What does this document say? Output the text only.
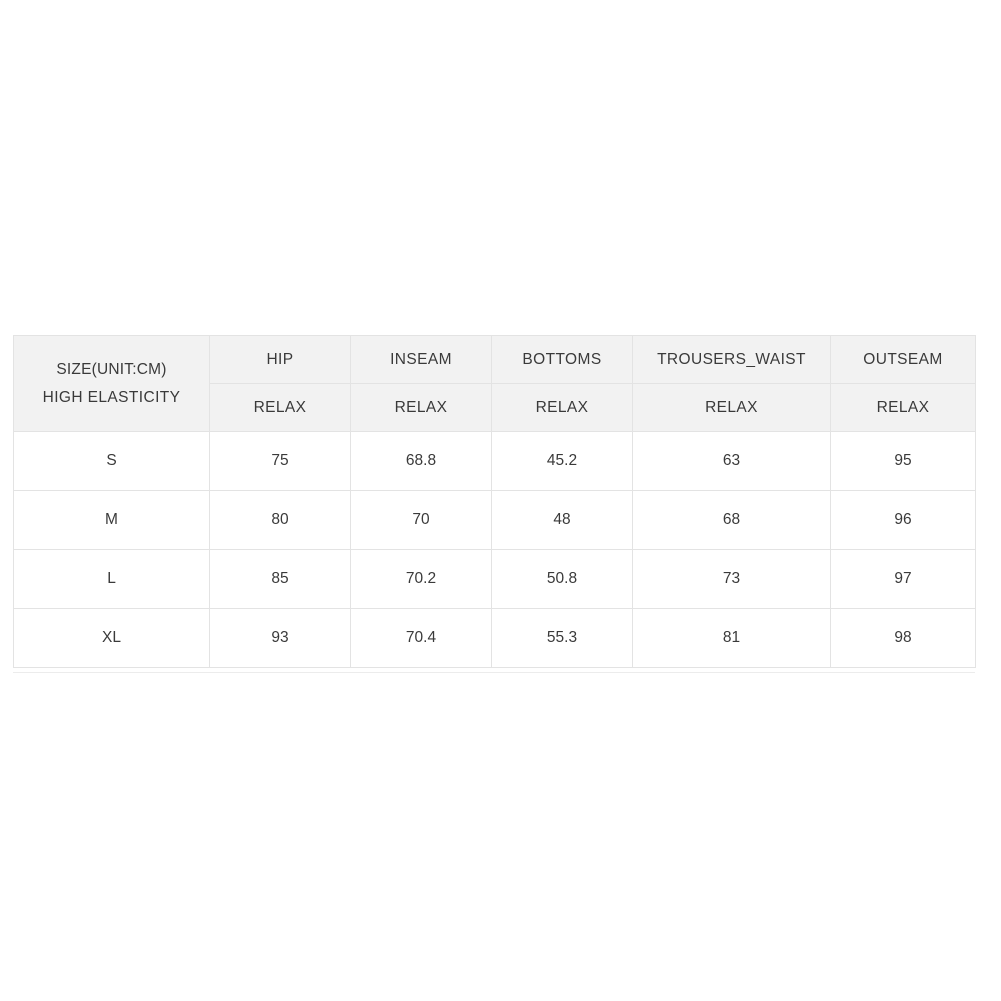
SIZE(UNIT:CM)
HIGH ELASTICITY	HIP	INSEAM	BOTTOMS	TROUSERS_WAIST	OUTSEAM
	RELAX	RELAX	RELAX	RELAX	RELAX
S	75	68.8	45.2	63	95
M	80	70	48	68	96
L	85	70.2	50.8	73	97
XL	93	70.4	55.3	81	98
